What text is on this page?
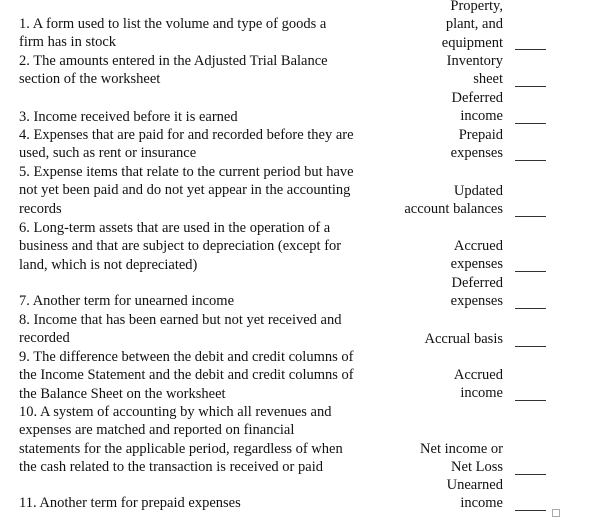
1. A form used to list the volume and type of goods a
firm has in stock

2. The amounts entered in the Adjusted Trial Balance
section of the worksheet

3. Income received before it is earned

4. Expenses that are paid for and recorded before they are
used, such as rent or insurance

5. Expense items that relate to the current period but have
not yet been paid and do not yet appear in the accounting
records

6. Long-term assets that are used in the operation of a
business and that are subject to depreciation (except for
land, which is not depreciated)

7. Another term for unearned income

8. Income that has been earned but not yet received and
recorded

9. The difference between the debit and credit columns of
the Income Statement and the debit and credit columns of
the Balance Sheet on the worksheet

10. A system of accounting by which all revenues and
expenses are matched and reported on financial
statements for the applicable period, regardless of when
the cash related to the transaction is received or paid

11. Another term for prepaid expenses

Property,
plant, and
equipment

Inventory
sheet

Deferred
income

Prepaid
expenses

Updated
account balances

Accrued
expenses

Deferred
expenses

Accrual basis

Accrued
income

Net income or
Net Loss

Unearned
income
